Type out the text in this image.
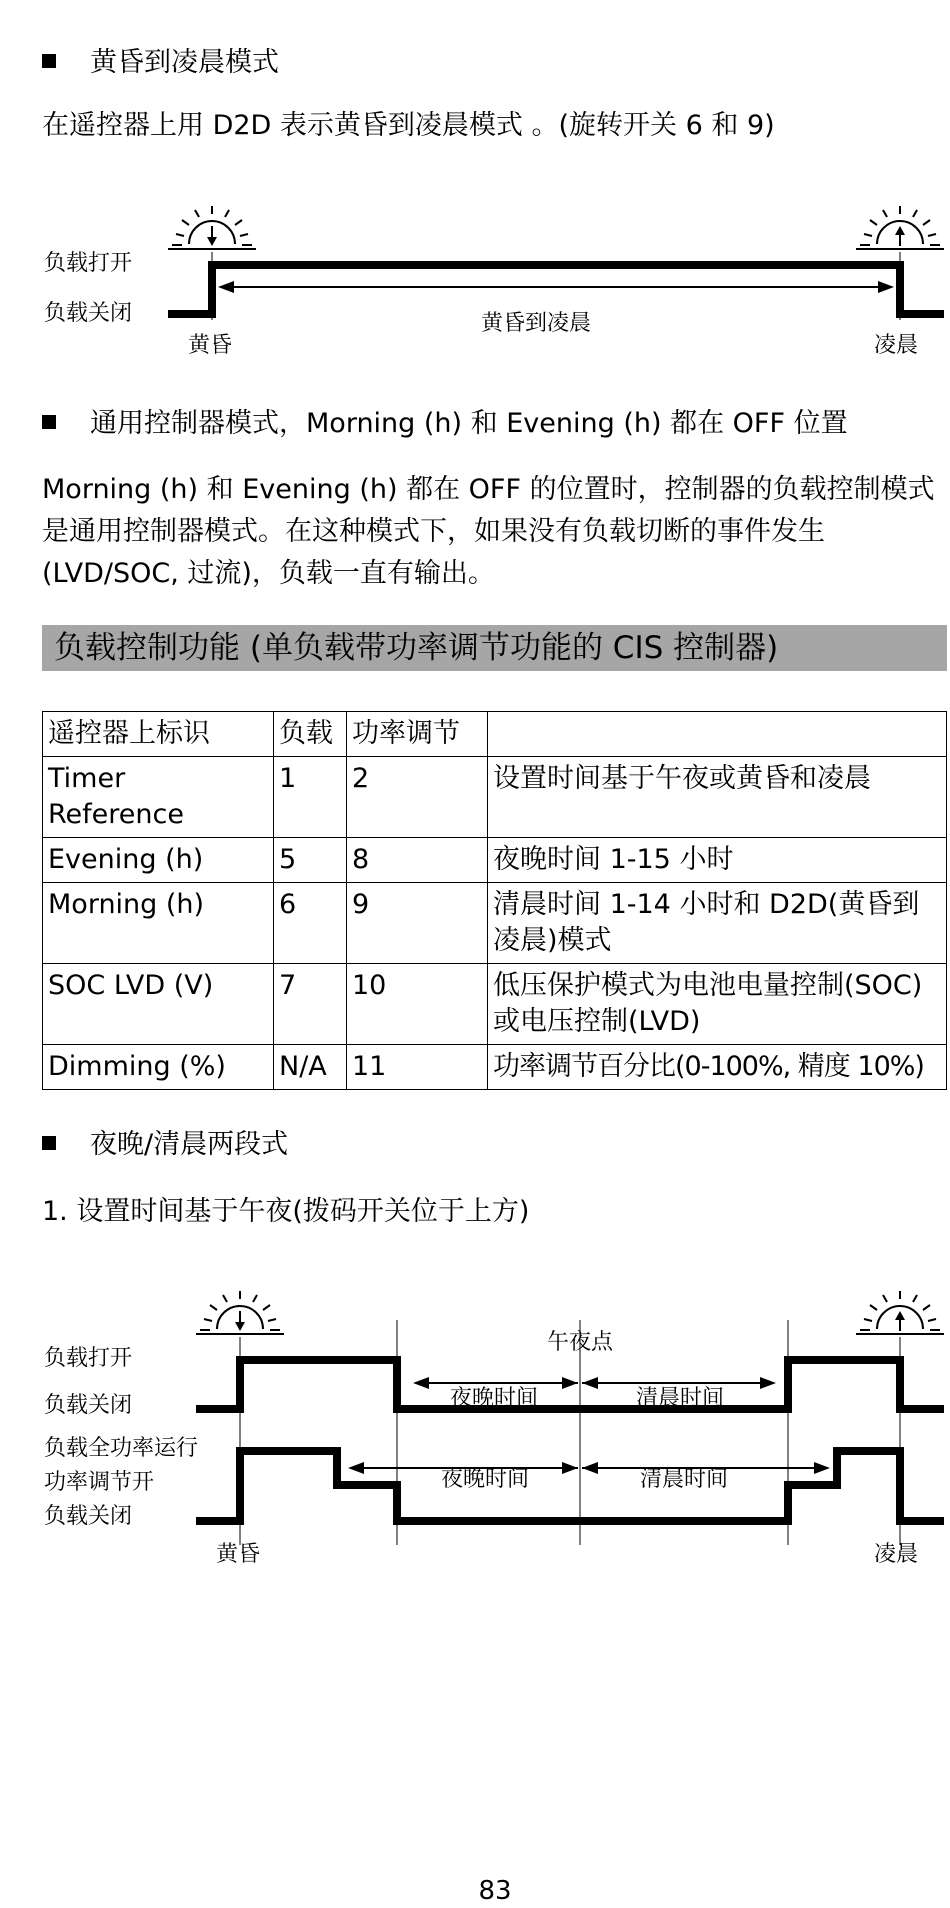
黄昏到凌晨模式
在遥控器上用 D2D 表示黄昏到凌晨模式 。(旋转开关 6 和 9)
负载打开
负载关闭	黄昏到凌晨
黄昏	凌晨
通用控制器模式，Morning (h) 和 Evening (h) 都在 OFF 位置
Morning (h) 和 Evening (h) 都在 OFF 的位置时，控制器的负载控制模式是通用控制器模式。在这种模式下，如果没有负载切断的事件发生(LVD/SOC, 过流)，负载一直有输出。
负载控制功能 (单负载带功率调节功能的 CIS 控制器)
遥控器上标识	负载	功率调节	
Timer Reference	1	2	设置时间基于午夜或黄昏和凌晨
Evening (h)	5	8	夜晚时间 1-15 小时
Morning (h)	6	9	清晨时间 1-14 小时和 D2D(黄昏到凌晨)模式
SOC LVD (V)	7	10	低压保护模式为电池电量控制(SOC)或电压控制(LVD)
Dimming (%)	N/A	11	功率调节百分比(0-100%, 精度 10%)
夜晚/清晨两段式
1. 设置时间基于午夜(拨码开关位于上方)
午夜点
负载打开
负载关闭
负载全功率运行
功率调节开
负载关闭
夜晚时间	清晨时间
夜晚时间	清晨时间
黄昏	凌晨
83
